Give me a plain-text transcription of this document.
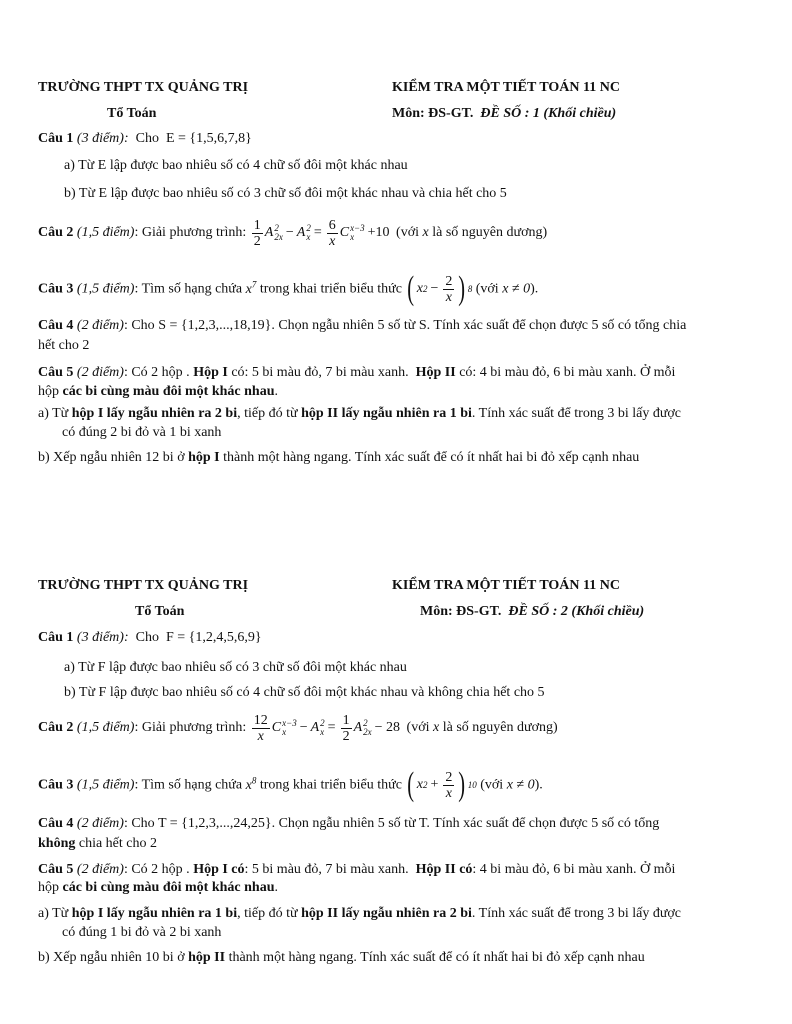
TRƯỜNG THPT TX QUẢNG TRỊ	KIỂM TRA MỘT TIẾT TOÁN 11 NC
Tổ Toán	Môn: ĐS-GT. ĐỀ SỐ : 1 (Khối chiều)
Câu 1 (3 điểm): Cho E = {1,5,6,7,8}
a) Từ E lập được bao nhiêu số có 4 chữ số đôi một khác nhau
b) Từ E lập được bao nhiêu số có 3 chữ số đôi một khác nhau và chia hết cho 5
Câu 2 (1,5 điểm): Giải phương trình: $\frac{1}{2}$ A 2
2x − A 2
$x = \frac{6}{x}$ C x−3
x +10 (với x là số nguyên dương)
Câu 3 (1,5 điểm): Tìm số hạng chứa $x^7$ trong khai triển biểu thức ( x $2 - \frac{2}{x}$ ) 8 (với x ≠ 0).
Câu 4 (2 điểm): Cho S = {1,2,3,...,18,19}. Chọn ngẫu nhiên 5 số từ S. Tính xác suất để chọn được 5 số có tổng chia
hết cho 2
Câu 5 (2 điểm): Có 2 hộp . Hộp I có: 5 bi màu đỏ, 7 bi màu xanh. Hộp II có: 4 bi màu đỏ, 6 bi màu xanh. Ở mỗi
hộp các bi cùng màu đôi một khác nhau.
a) Từ hộp I lấy ngẫu nhiên ra 2 bi, tiếp đó từ hộp II lấy ngẫu nhiên ra 1 bi. Tính xác suất để trong 3 bi lấy được
có đúng 2 bi đỏ và 1 bi xanh
b) Xếp ngẫu nhiên 12 bi ở hộp I thành một hàng ngang. Tính xác suất để có ít nhất hai bi đỏ xếp cạnh nhau
TRƯỜNG THPT TX QUẢNG TRỊ	KIỂM TRA MỘT TIẾT TOÁN 11 NC
Tổ Toán	Môn: ĐS-GT. ĐỀ SỐ : 2 (Khối chiều)
Câu 1 (3 điểm): Cho F = {1,2,4,5,6,9}
a) Từ F lập được bao nhiêu số có 3 chữ số đôi một khác nhau
b) Từ F lập được bao nhiêu số có 4 chữ số đôi một khác nhau và không chia hết cho 5
Câu 2 (1,5 điểm): Giải phương trình: $\frac{12}{x}$ C x−3
x − A 2
$x = \frac{1}{2}$ A 2
2x − 28 (với x là số nguyên dương)
Câu 3 (1,5 điểm): Tìm số hạng chứa $x^8$ trong khai triển biểu thức ( x $2 + \frac{2}{x}$ ) 10 (với x ≠ 0).
Câu 4 (2 điểm): Cho T = {1,2,3,...,24,25}. Chọn ngẫu nhiên 5 số từ T. Tính xác suất để chọn được 5 số có tổng
không chia hết cho 2
Câu 5 (2 điểm): Có 2 hộp . Hộp I có: 5 bi màu đỏ, 7 bi màu xanh. Hộp II có: 4 bi màu đỏ, 6 bi màu xanh. Ở mỗi
hộp các bi cùng màu đôi một khác nhau.
a) Từ hộp I lấy ngẫu nhiên ra 1 bi, tiếp đó từ hộp II lấy ngẫu nhiên ra 2 bi. Tính xác suất để trong 3 bi lấy được
có đúng 1 bi đỏ và 2 bi xanh
b) Xếp ngẫu nhiên 10 bi ở hộp II thành một hàng ngang. Tính xác suất để có ít nhất hai bi đỏ xếp cạnh nhau
